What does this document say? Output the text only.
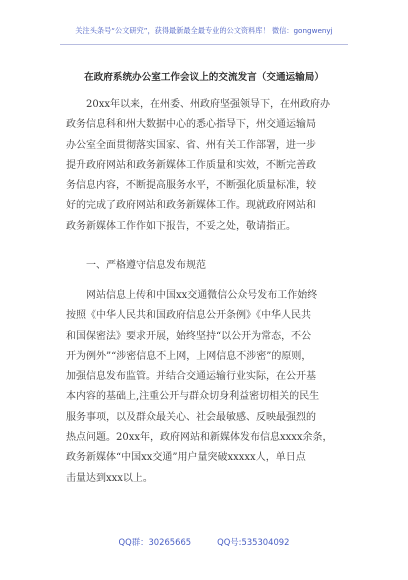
关注头条号“公文研究”，获得最新最全最专业的公文资料库！ 微信：gongwenyj
在政府系统办公室工作会议上的交流发言（交通运输局）
20xx年以来，在州委、州政府坚强领导下，在州政府办
政务信息科和州大数据中心的悉心指导下，州交通运输局
办公室全面贯彻落实国家、省、州有关工作部署，进一步
提升政府网站和政务新媒体工作质量和实效，不断完善政
务信息内容，不断提高服务水平，不断强化质量标准，较
好的完成了政府网站和政务新媒体工作。现就政府网站和
政务新媒体工作作如下报告，不妥之处，敬请指正。
一、严格遵守信息发布规范
网站信息上传和中国xx交通微信公众号发布工作始终
按照《中华人民共和国政府信息公开条例》《中华人民共
和国保密法》要求开展，始终坚持“以公开为常态，不公
开为例外”“涉密信息不上网，上网信息不涉密”的原则，
加强信息发布监管。并结合交通运输行业实际，在公开基
本内容的基础上,注重公开与群众切身利益密切相关的民生
服务事项，以及群众最关心、社会最敏感、反映最强烈的
热点问题。20xx年，政府网站和新媒体发布信息xxxx余条，
政务新媒体“中国xx交通”用户量突破xxxxx人，单日点
击量达到xxx以上。
QQ群：30265665	QQ号:535304092
